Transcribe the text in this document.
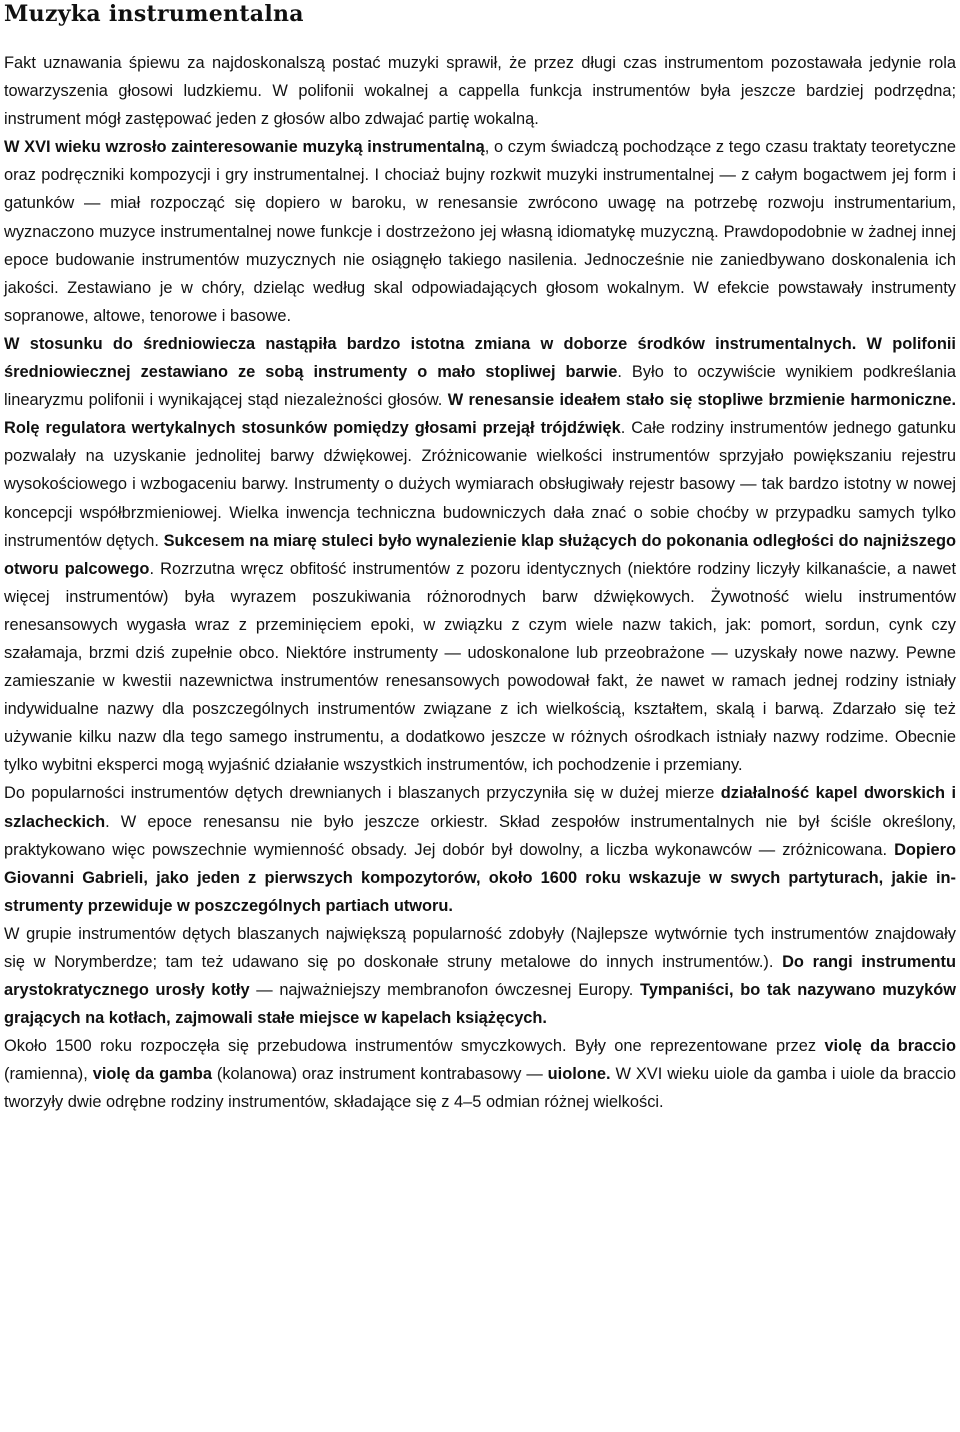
Muzyka instrumentalna

Fakt uznawania śpiewu za najdoskonalszą postać muzyki sprawił, że przez długi czas instrumentom pozostawała jedynie rola towarzyszenia głosowi ludzkiemu. W polifonii wokalnej a cappella funkcja instrumentów była jeszcze bardziej podrzędna; instrument mógł zastępować jeden z głosów albo zdwajać partię wokalną.

W XVI wieku wzrosło zainteresowanie muzyką instrumentalną, o czym świadczą pochodzące z tego czasu traktaty teoretyczne oraz podręczniki kompozycji i gry instrumentalnej. I chociaż bujny rozkwit muzyki instrumentalnej — z całym bogactwem jej form i gatunków — miał rozpocząć się dopiero w baroku, w renesansie zwrócono uwagę na potrzebę rozwoju instrumentarium, wyznaczono muzyce instrumentalnej nowe funkcje i dostrzeżono jej własną idiomatykę muzyczną. Prawdopodobnie w żadnej innej epoce budowanie instrumentów muzycznych nie osiągnęło takiego nasilenia. Jednocześnie nie zaniedbywano doskonalenia ich jakości. Zestawiano je w chóry, dzieląc według skal odpowiadających głosom wokalnym. W efekcie powstawały instrumenty sopranowe, altowe, tenorowe i basowe.

W stosunku do średniowiecza nastąpiła bardzo istotna zmiana w doborze środków instrumentalnych. W polifonii średniowiecznej zestawiano ze sobą instrumenty o mało stopliwej barwie. Było to oczywiście wynikiem podkreślania linearyzmu polifonii i wynikającej stąd niezależności głosów. W renesansie ideałem stało się stopliwe brzmienie harmoniczne. Rolę regulatora wertykalnych stosunków pomiędzy głosami przejął trójdźwięk. Całe rodziny instrumentów jednego gatunku pozwalały na uzyskanie jednolitej barwy dźwiękowej. Zróżnicowanie wielkości instrumentów sprzyjało powiększaniu rejestru wysokościowego i wzbogaceniu barwy. Instrumenty o dużych wymiarach obsługiwały rejestr basowy — tak bardzo istotny w nowej koncepcji współbrzmieniowej. Wielka inwencja techniczna budowniczych dała znać o sobie choćby w przypadku samych tylko instrumentów dętych. Sukcesem na miarę stuleci było wynalezienie klap służących do pokonania odległości do najniższego otworu palcowego. Rozrzutna wręcz obfitość instrumentów z pozoru identycznych (niektóre rodziny liczyły kilkanaście, a nawet więcej instrumentów) była wyrazem poszukiwania różnorodnych barw dźwiękowych. Żywotność wielu instrumentów renesansowych wygasła wraz z przeminięciem epoki, w związku z czym wiele nazw takich, jak: pomort, sordun, cynk czy szałamaja, brzmi dziś zupełnie obco. Niektóre instrumenty — udoskonalone lub przeobrażone — uzyskały nowe nazwy. Pewne zamieszanie w kwestii nazewnictwa instrumentów renesansowych powodował fakt, że nawet w ramach jednej rodziny istniały indywidualne nazwy dla poszczególnych instrumentów związane z ich wielkością, kształtem, skalą i barwą. Zdarzało się też używanie kilku nazw dla tego samego instrumentu, a dodatkowo jeszcze w różnych ośrodkach istniały nazwy rodzime. Obecnie tylko wybitni eksperci mogą wyjaśnić działanie wszystkich instrumentów, ich pochodzenie i przemiany.

Do popularności instrumentów dętych drewnianych i blaszanych przyczyniła się w dużej mierze działalność kapel dworskich i szlacheckich. W epoce renesansu nie było jeszcze orkiestr. Skład zespołów instrumentalnych nie był ściśle określony, praktykowano więc powszechnie wymienność obsady. Jej dobór był dowolny, a liczba wykonawców — zróżnicowana. Dopiero Giovanni Gabrieli, jako jeden z pierwszych kompozytorów, około 1600 roku wskazuje w swych partyturach, jakie instrumenty przewiduje w poszczególnych partiach utworu.

W grupie instrumentów dętych blaszanych największą popularność zdobyły (Najlepsze wytwórnie tych instrumentów znajdowały się w Norymberdze; tam też udawano się po doskonałe struny metalowe do innych instrumentów.). Do rangi instrumentu arystokratycznego urosły kotły — najważniejszy membranofon ówczesnej Europy. Tympaniści, bo tak nazywano muzyków grających na kotłach, zajmowali stałe miejsce w kapelach książęcych.

Około 1500 roku rozpoczęła się przebudowa instrumentów smyczkowych. Były one reprezentowane przez violę da braccio (ramienna), violę da gamba (kolanowa) oraz instrument kontrabasowy — uiolone. W XVI wieku uiole da gamba i uiole da braccio tworzyły dwie odrębne rodziny instrumentów, składające się z 4–5 odmian różnej wielkości.
